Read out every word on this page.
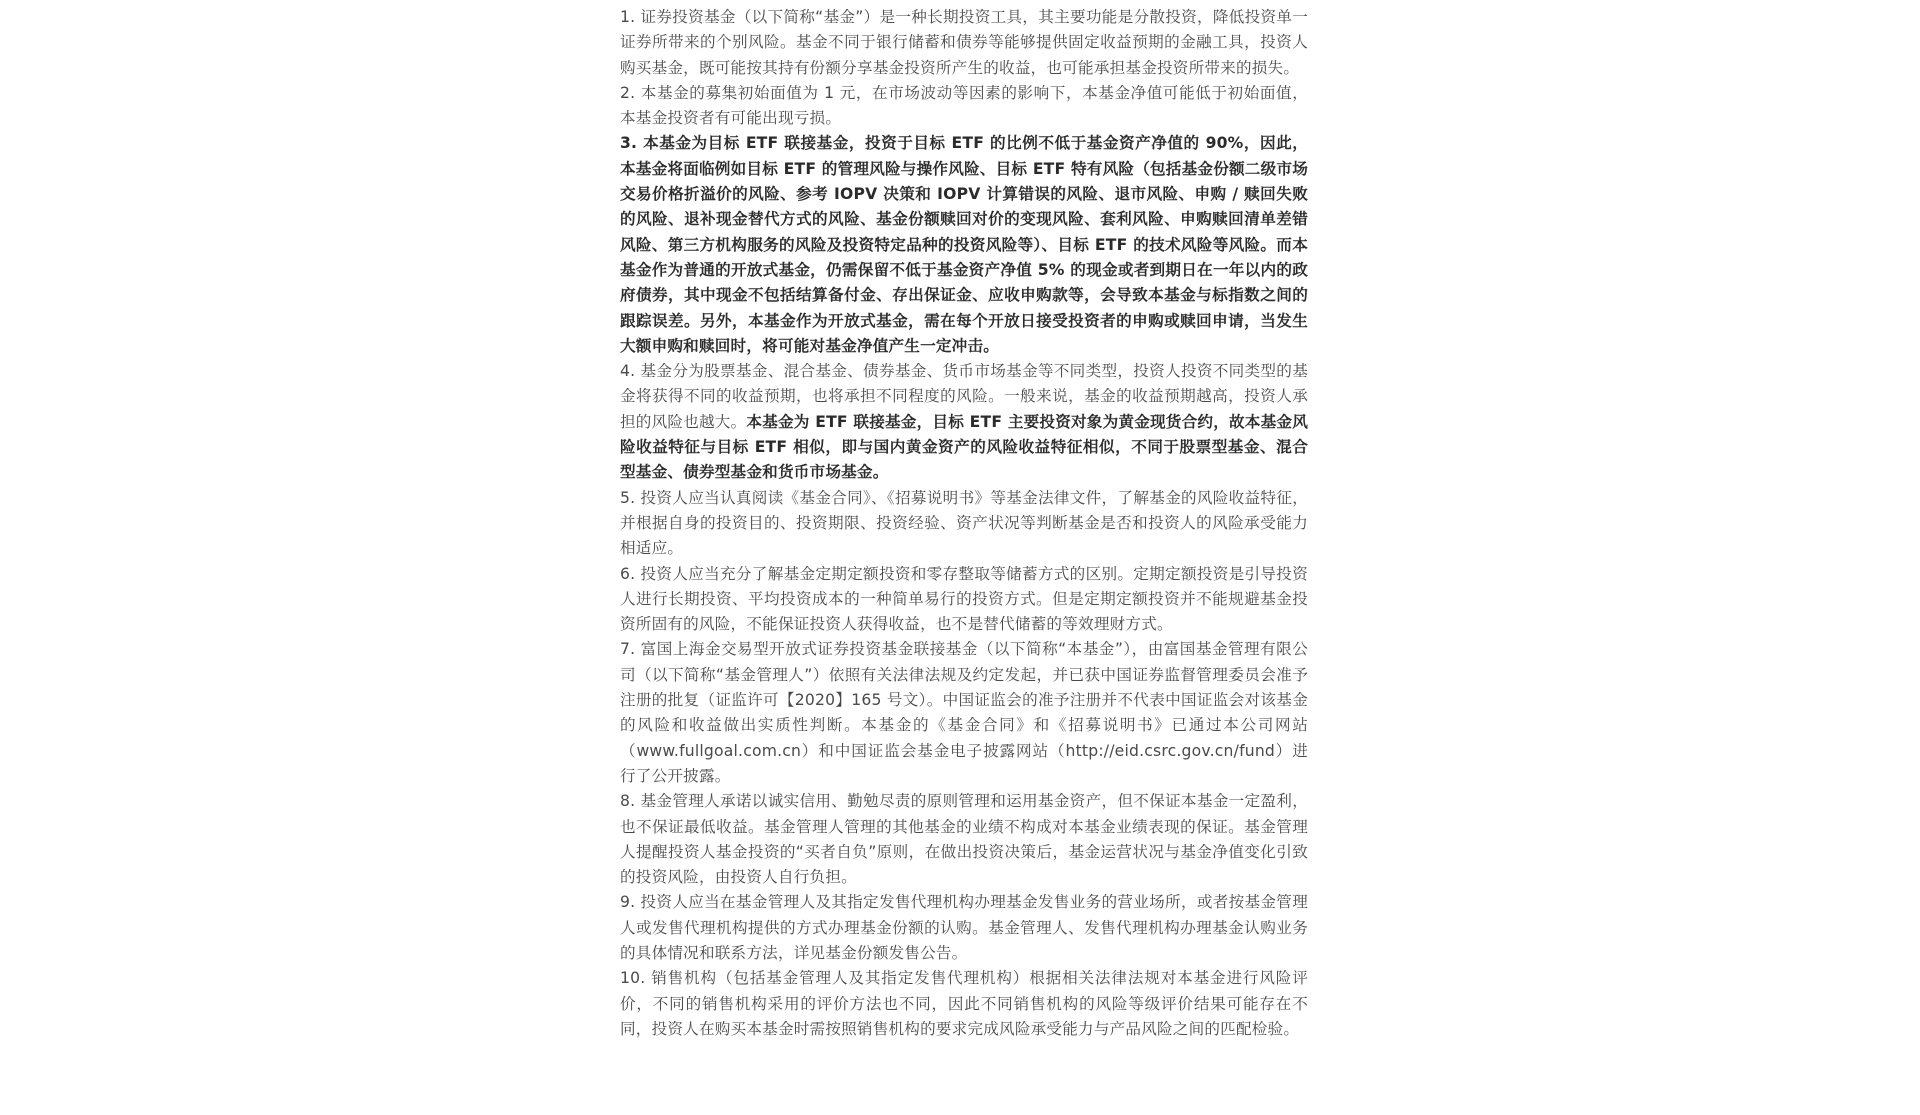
1. 证券投资基金（以下简称“基金”）是一种长期投资工具，其主要功能是分散投资，降低投资单一证券所带来的个别风险。基金不同于银行储蓄和债券等能够提供固定收益预期的金融工具，投资人购买基金，既可能按其持有份额分享基金投资所产生的收益，也可能承担基金投资所带来的损失。

2. 本基金的募集初始面值为 1 元，在市场波动等因素的影响下，本基金净值可能低于初始面值，本基金投资者有可能出现亏损。

3. 本基金为目标 ETF 联接基金，投资于目标 ETF 的比例不低于基金资产净值的 90%，因此，本基金将面临例如目标 ETF 的管理风险与操作风险、目标 ETF 特有风险（包括基金份额二级市场交易价格折溢价的风险、参考 IOPV 决策和 IOPV 计算错误的风险、退市风险、申购 / 赎回失败的风险、退补现金替代方式的风险、基金份额赎回对价的变现风险、套利风险、申购赎回清单差错风险、第三方机构服务的风险及投资特定品种的投资风险等）、目标 ETF 的技术风险等风险。而本基金作为普通的开放式基金，仍需保留不低于基金资产净值 5% 的现金或者到期日在一年以内的政府债券，其中现金不包括结算备付金、存出保证金、应收申购款等，会导致本基金与标指数之间的跟踪误差。另外，本基金作为开放式基金，需在每个开放日接受投资者的申购或赎回申请，当发生大额申购和赎回时，将可能对基金净值产生一定冲击。

4. 基金分为股票基金、混合基金、债券基金、货币市场基金等不同类型，投资人投资不同类型的基金将获得不同的收益预期，也将承担不同程度的风险。一般来说，基金的收益预期越高，投资人承担的风险也越大。本基金为 ETF 联接基金，目标 ETF 主要投资对象为黄金现货合约，故本基金风险收益特征与目标 ETF 相似，即与国内黄金资产的风险收益特征相似，不同于股票型基金、混合型基金、债券型基金和货币市场基金。

5. 投资人应当认真阅读《基金合同》、《招募说明书》等基金法律文件，了解基金的风险收益特征，并根据自身的投资目的、投资期限、投资经验、资产状况等判断基金是否和投资人的风险承受能力相适应。

6. 投资人应当充分了解基金定期定额投资和零存整取等储蓄方式的区别。定期定额投资是引导投资人进行长期投资、平均投资成本的一种简单易行的投资方式。但是定期定额投资并不能规避基金投资所固有的风险，不能保证投资人获得收益，也不是替代储蓄的等效理财方式。

7. 富国上海金交易型开放式证券投资基金联接基金（以下简称“本基金”），由富国基金管理有限公司（以下简称“基金管理人”）依照有关法律法规及约定发起，并已获中国证券监督管理委员会准予注册的批复（证监许可【2020】165 号文）。中国证监会的准予注册并不代表中国证监会对该基金的风险和收益做出实质性判断。本基金的《基金合同》和《招募说明书》已通过本公司网站（www.fullgoal.com.cn）和中国证监会基金电子披露网站（http://eid.csrc.gov.cn/fund）进行了公开披露。

8. 基金管理人承诺以诚实信用、勤勉尽责的原则管理和运用基金资产，但不保证本基金一定盈利，也不保证最低收益。基金管理人管理的其他基金的业绩不构成对本基金业绩表现的保证。基金管理人提醒投资人基金投资的“买者自负”原则，在做出投资决策后，基金运营状况与基金净值变化引致的投资风险，由投资人自行负担。

9. 投资人应当在基金管理人及其指定发售代理机构办理基金发售业务的营业场所，或者按基金管理人或发售代理机构提供的方式办理基金份额的认购。基金管理人、发售代理机构办理基金认购业务的具体情况和联系方法，详见基金份额发售公告。

10. 销售机构（包括基金管理人及其指定发售代理机构）根据相关法律法规对本基金进行风险评价，不同的销售机构采用的评价方法也不同，因此不同销售机构的风险等级评价结果可能存在不同，投资人在购买本基金时需按照销售机构的要求完成风险承受能力与产品风险之间的匹配检验。
